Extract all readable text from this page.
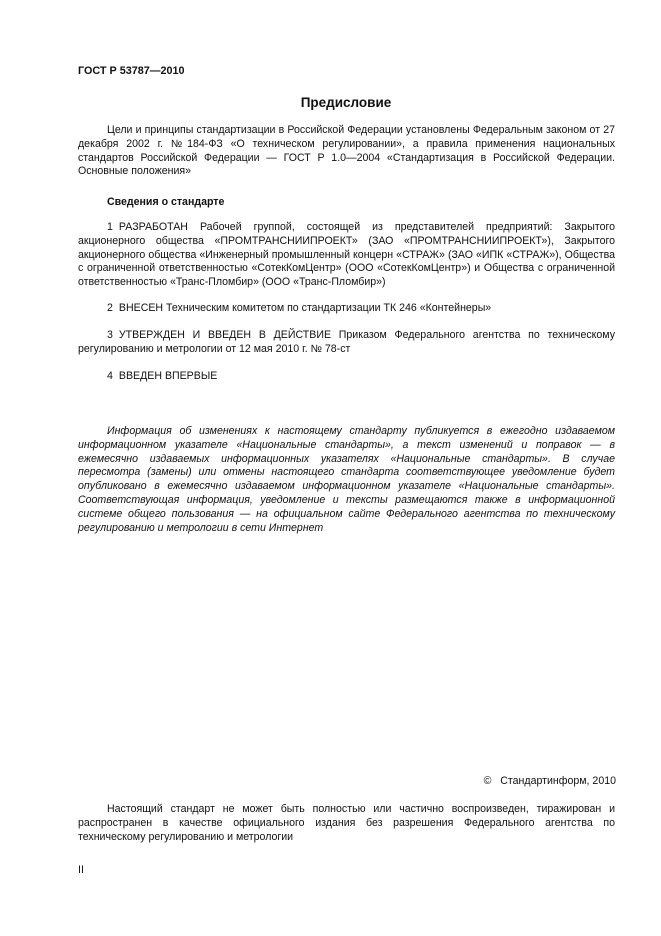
ГОСТ Р 53787—2010
Предисловие
Цели и принципы стандартизации в Российской Федерации установлены Федеральным законом от 27 декабря 2002 г. №184-ФЗ «О техническом регулировании», а правила применения национальных стандартов Российской Федерации — ГОСТ Р 1.0—2004 «Стандартизация в Российской Федерации. Основные положения»
Сведения о стандарте
1 РАЗРАБОТАН Рабочей группой, состоящей из представителей предприятий: Закрытого акционерного общества «ПРОМТРАНСНИИПРОЕКТ» (ЗАО «ПРОМТРАНСНИИПРОЕКТ»), Закрытого акционерного общества «Инженерный промышленный концерн «СТРАЖ» (ЗАО «ИПК «СТРАЖ»), Общества с ограниченной ответственностью «СотекКомЦентр» (ООО «СотекКомЦентр») и Общества с ограниченной ответственностью «Транс-Пломбир» (ООО «Транс-Пломбир»)
2 ВНЕСЕН Техническим комитетом по стандартизации ТК 246 «Контейнеры»
3 УТВЕРЖДЕН И ВВЕДЕН В ДЕЙСТВИЕ Приказом Федерального агентства по техническому регулированию и метрологии от 12 мая 2010 г. № 78-ст
4 ВВЕДЕН ВПЕРВЫЕ
Информация об изменениях к настоящему стандарту публикуется в ежегодно издаваемом информационном указателе «Национальные стандарты», а текст изменений и поправок — в ежемесячно издаваемых информационных указателях «Национальные стандарты». В случае пересмотра (замены) или отмены настоящего стандарта соответствующее уведомление будет опубликовано в ежемесячно издаваемом информационном указателе «Национальные стандарты». Соответствующая информация, уведомление и тексты размещаются также в информационной системе общего пользования — на официальном сайте Федерального агентства по техническому регулированию и метрологии в сети Интернет
©   Стандартинформ, 2010
Настоящий стандарт не может быть полностью или частично воспроизведен, тиражирован и распространен в качестве официального издания без разрешения Федерального агентства по техническому регулированию и метрологии
II
